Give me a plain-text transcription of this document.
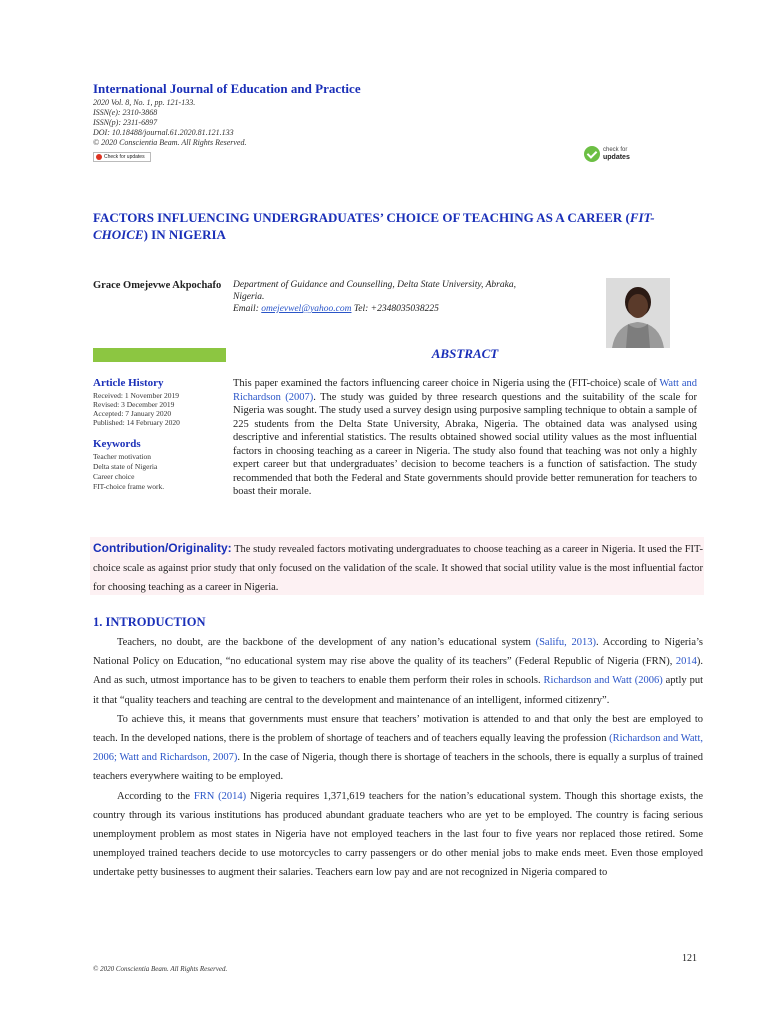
International Journal of Education and Practice
2020 Vol. 8, No. 1, pp. 121-133.
ISSN(e): 2310-3868
ISSN(p): 2311-6897
DOI: 10.18488/journal.61.2020.81.121.133
© 2020 Conscientia Beam. All Rights Reserved.
Check for updates
check for
updates
FACTORS INFLUENCING UNDERGRADUATES’ CHOICE OF TEACHING AS A CAREER (FIT-CHOICE) IN NIGERIA
Grace Omejevwe Akpochafo Department of Guidance and Counselling, Delta State University, Abraka,
Nigeria.
Email: omejevwel@yahoo.com Tel: +2348035038225
ABSTRACT
Article History
Received: 1 November 2019
Revised: 3 December 2019
Accepted: 7 January 2020
Published: 14 February 2020
Keywords
Teacher motivation
Delta state of Nigeria
Career choice
FIT-choice frame work.
This paper examined the factors influencing career choice in Nigeria using the (FIT-choice) scale of Watt and Richardson (2007). The study was guided by three research questions and the suitability of the scale for Nigeria was sought. The study used a survey design using purposive sampling technique to obtain a sample of 225 students from the Delta State University, Abraka, Nigeria. The obtained data was analysed using descriptive and inferential statistics. The results obtained showed social utility values as the most influential factors in choosing teaching as a career in Nigeria. The study also found that teaching was not only a highly expert career but that undergraduates’ decision to become teachers is a function of satisfaction. The study recommended that both the Federal and State governments should provide better remuneration for teachers to boast their morale.
Contribution/Originality: The study revealed factors motivating undergraduates to choose teaching as a career in Nigeria. It used the FIT-choice scale as against prior study that only focused on the validation of the scale. It showed that social utility value is the most influential factor for choosing teaching as a career in Nigeria.
1. INTRODUCTION

Teachers, no doubt, are the backbone of the development of any nation’s educational system (Salifu, 2013). According to Nigeria’s National Policy on Education, “no educational system may rise above the quality of its teachers” (Federal Republic of Nigeria (FRN), 2014). And as such, utmost importance has to be given to teachers to enable them perform their roles in schools. Richardson and Watt (2006) aptly put it that “quality teachers and teaching are central to the development and maintenance of an intelligent, informed citizenry”.

To achieve this, it means that governments must ensure that teachers’ motivation is attended to and that only the best are employed to teach. In the developed nations, there is the problem of shortage of teachers and of teachers equally leaving the profession (Richardson and Watt, 2006; Watt and Richardson, 2007). In the case of Nigeria, though there is shortage of teachers in the schools, there is equally a surplus of trained teachers everywhere waiting to be employed.

According to the FRN (2014) Nigeria requires 1,371,619 teachers for the nation’s educational system. Though this shortage exists, the country through its various institutions has produced abundant graduate teachers who are yet to be employed. The country is facing serious unemployment problem as most states in Nigeria have not employed teachers in the last four to five years nor replaced those retired. Some unemployed trained teachers decide to use motorcycles to carry passengers or do other menial jobs to make ends meet. Even those employed undertake petty businesses to augment their salaries. Teachers earn low pay and are not recognized in Nigeria compared to

121
© 2020 Conscientia Beam. All Rights Reserved.
